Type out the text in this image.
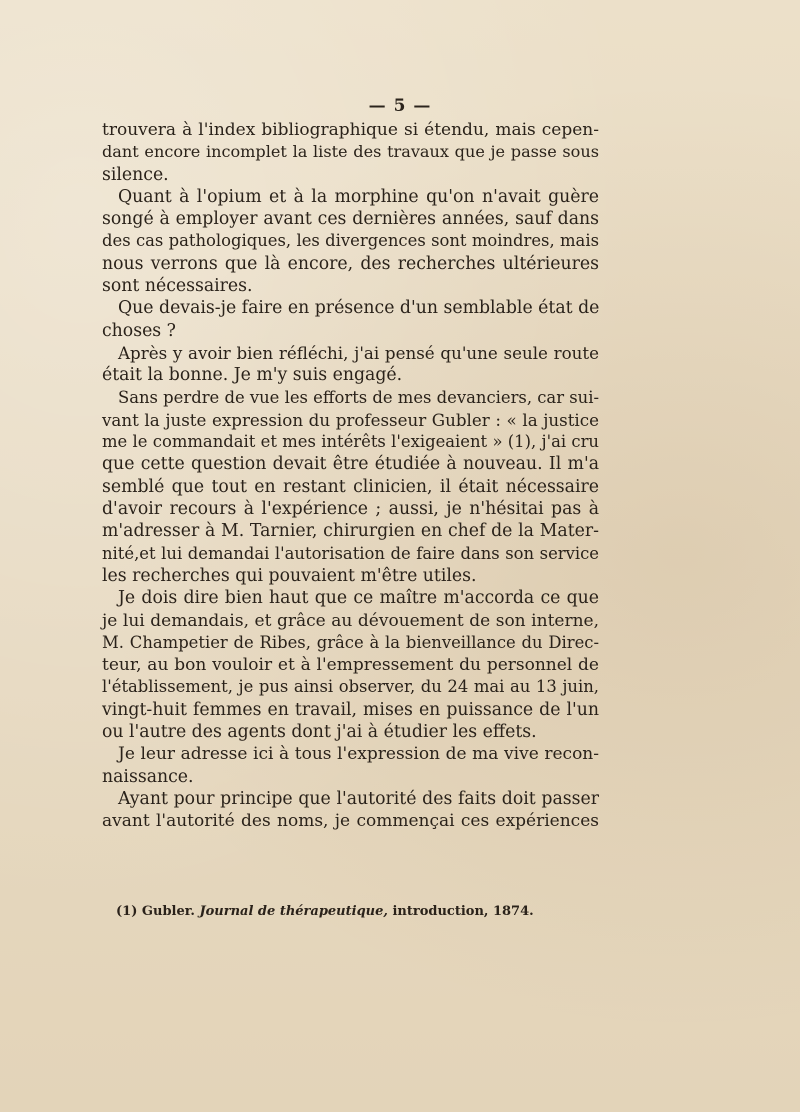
— 5 —
trouvera à l'index bibliographique si étendu, mais cepen-
dant encore incomplet la liste des travaux que je passe sous
silence.
Quant à l'opium et à la morphine qu'on n'avait guère
songé à employer avant ces dernières années, sauf dans
des cas pathologiques, les divergences sont moindres, mais
nous verrons que là encore, des recherches ultérieures
sont nécessaires.
Que devais-je faire en présence d'un semblable état de
choses ?
Après y avoir bien réfléchi, j'ai pensé qu'une seule route
était la bonne. Je m'y suis engagé.
Sans perdre de vue les efforts de mes devanciers, car sui-
vant la juste expression du professeur Gubler : « la justice
me le commandait et mes intérêts l'exigeaient » (1), j'ai cru
que cette question devait être étudiée à nouveau. Il m'a
semblé que tout en restant clinicien, il était nécessaire
d'avoir recours à l'expérience ; aussi, je n'hésitai pas à
m'adresser à M. Tarnier, chirurgien en chef de la Mater-
nité,et lui demandai l'autorisation de faire dans son service
les recherches qui pouvaient m'être utiles.
Je dois dire bien haut que ce maître m'accorda ce que
je lui demandais, et grâce au dévouement de son interne,
M. Champetier de Ribes, grâce à la bienveillance du Direc-
teur, au bon vouloir et à l'empressement du personnel de
l'établissement, je pus ainsi observer, du 24 mai au 13 juin,
vingt-huit femmes en travail, mises en puissance de l'un
ou l'autre des agents dont j'ai à étudier les effets.
Je leur adresse ici à tous l'expression de ma vive recon-
naissance.
Ayant pour principe que l'autorité des faits doit passer
avant l'autorité des noms, je commençai ces expériences
(1) Gubler. Journal de thérapeutique, introduction, 1874.
